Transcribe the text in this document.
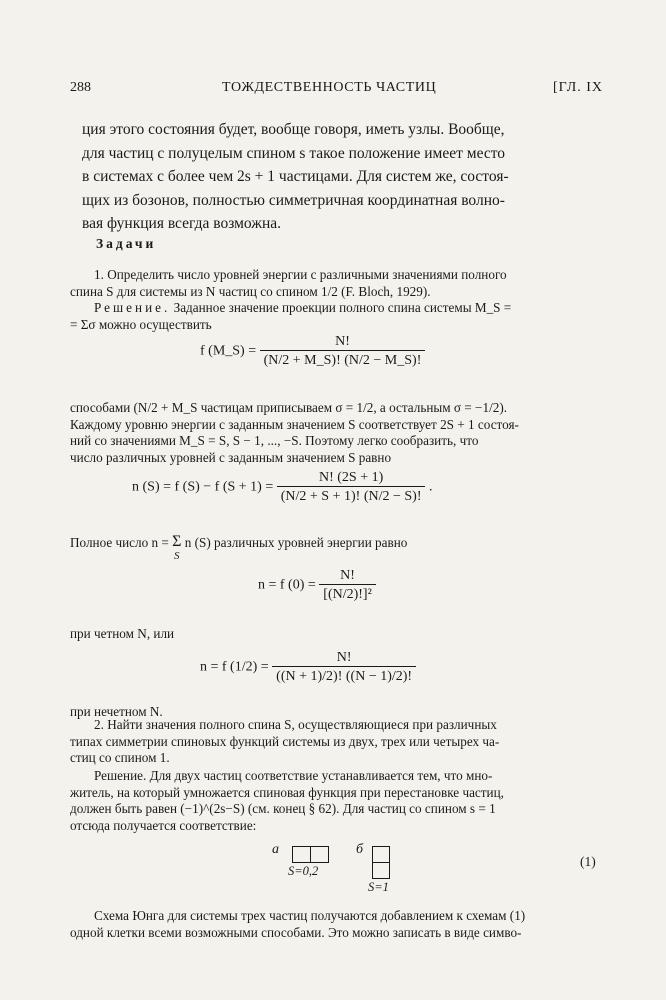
288	ТОЖДЕСТВЕННОСТЬ ЧАСТИЦ	[ГЛ. IX
ция этого состояния будет, вообще говоря, иметь узлы. Вообще,
для частиц с полуцелым спином s такое положение имеет место
в системах с более чем 2s + 1 частицами. Для систем же, состоя-
щих из бозонов, полностью симметричная координатная волно-
вая функция всегда возможна.
Задачи
1. Определить число уровней энергии с различными значениями полного
спина S для системы из N частиц со спином 1/2 (F. Bloch, 1929).
Решение. Заданное значение проекции полного спина системы M_S =
= Σσ можно осуществить
f (M_S) = $\frac{N!}{(N/2 + M\_S)! (N/2 - M\_S)!}$
способами (N/2 + M_S частицам приписываем σ = 1/2, а остальным σ = −1/2).
Каждому уровню энергии с заданным значением S соответствует 2S + 1 состоя-
ний со значениями M_S = S, S − 1, ..., −S. Поэтому легко сообразить, что
число различных уровней с заданным значением S равно
n (S) = f (S) − f $(S + 1) = \frac{N! (2S + 1)}{(N/2 + S + 1)! (N/2 - S)!}$ .
Полное число n = Σ
S
n (S) различных уровней энергии равно
n = f $(0) = \frac{N!}{\text{[(N/2)!]²}}$
при четном N, или
n = f $(1/2) = \frac{N!}{((N + 1)/2)! ((N - 1)/2)!}$
при нечетном N.
2. Найти значения полного спина S, осуществляющиеся при различных
типах симметрии спиновых функций системы из двух, трех или четырех ча-
стиц со спином 1.
Решение. Для двух частиц соответствие устанавливается тем, что мно-
житель, на который умножается спиновая функция при перестановке частиц,
должен быть равен (−1)^(2s−S) (см. конец § 62). Для частиц со спином s = 1
отсюда получается соответствие:
а
S=0,2
б
S=1
(1)
Схема Юнга для системы трех частиц получаются добавлением к схемам (1)
одной клетки всеми возможными способами. Это можно записать в виде симво-
